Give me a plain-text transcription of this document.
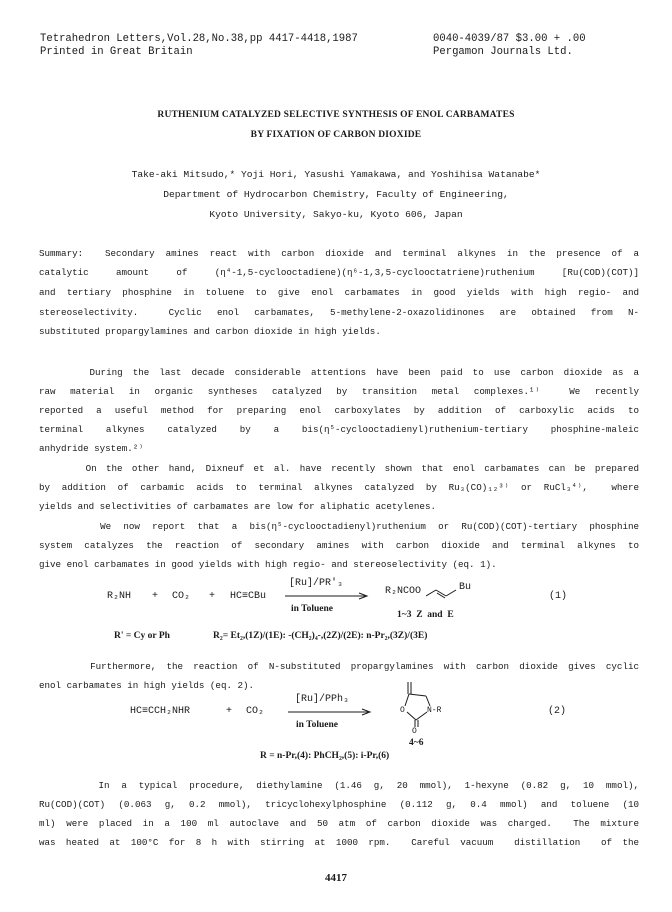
Tetrahedron Letters,Vol.28,No.38,pp 4417-4418,1987
Printed in Great Britain
0040-4039/87 $3.00 + .00
Pergamon Journals Ltd.
RUTHENIUM CATALYZED SELECTIVE SYNTHESIS OF ENOL CARBAMATES
BY FIXATION OF CARBON DIOXIDE
Take-aki Mitsudo,* Yoji Hori, Yasushi Yamakawa, and Yoshihisa Watanabe*
Department of Hydrocarbon Chemistry, Faculty of Engineering,
Kyoto University, Sakyo-ku, Kyoto 606, Japan
Summary:  Secondary amines react with carbon dioxide and terminal alkynes in the presence of a
catalytic amount of (η⁴-1,5-cyclooctadiene)(η⁶-1,3,5-cyclooctatriene)ruthenium [Ru(COD)(COT)]
and tertiary phosphine in toluene to give enol carbamates in good yields with high regio- and
stereoselectivity.  Cyclic enol carbamates, 5-methylene-2-oxazolidinones are obtained from N-
substituted propargylamines and carbon dioxide in high yields.
During the last decade considerable attentions have been paid to use carbon dioxide as a
raw material in organic syntheses catalyzed by transition metal complexes.¹⁾  We recently
reported a useful method for preparing enol carboxylates by addition of carboxylic acids to
terminal alkynes catalyzed by a bis(η⁵-cyclooctadienyl)ruthenium-tertiary phosphine-maleic
anhydride system.²⁾
On the other hand, Dixneuf et al. have recently shown that enol carbamates can be prepared
by addition of carbamic acids to terminal alkynes catalyzed by Ru₃(CO)₁₂³⁾ or RuCl₃⁴⁾,  where
yields and selectivities of carbamates are low for aliphatic acetylenes.
We now report that a bis(η⁵-cyclooctadienyl)ruthenium or Ru(COD)(COT)-tertiary phosphine
system catalyzes the reaction of secondary amines with carbon dioxide and terminal alkynes to
give enol carbamates in good yields with high regio- and stereoselectivity (eq. 1).
R₂NH + CO₂ + HC≡CBu
[Ru]/PR'₃
in Toluene
R₂NCOO	Bu
1~3  Z  and  E
(1)
R' = Cy or Ph	R₂= Et₂,(1Z)/(1E): -(CH₂)₄-,(2Z)/(2E): n-Pr₂,(3Z)/(3E)
Furthermore, the reaction of N-substituted propargylamines with carbon dioxide gives cyclic
enol carbamates in high yields (eq. 2).
HC≡CCH₂NHR	+ CO₂
[Ru]/PPh₃
in Toluene
O	N-R
O
4~6
(2)
R = n-Pr,(4): PhCH₂,(5): i-Pr,(6)
In a typical procedure, diethylamine (1.46 g, 20 mmol), 1-hexyne (0.82 g, 10 mmol),
Ru(COD)(COT) (0.063 g, 0.2 mmol), tricyclohexylphosphine (0.112 g, 0.4 mmol) and toluene (10
ml) were placed in a 100 ml autoclave and 50 atm of carbon dioxide was charged.  The mixture
was heated at 100°C for 8 h with stirring at 1000 rpm.  Careful vacuum  distillation  of the
4417
